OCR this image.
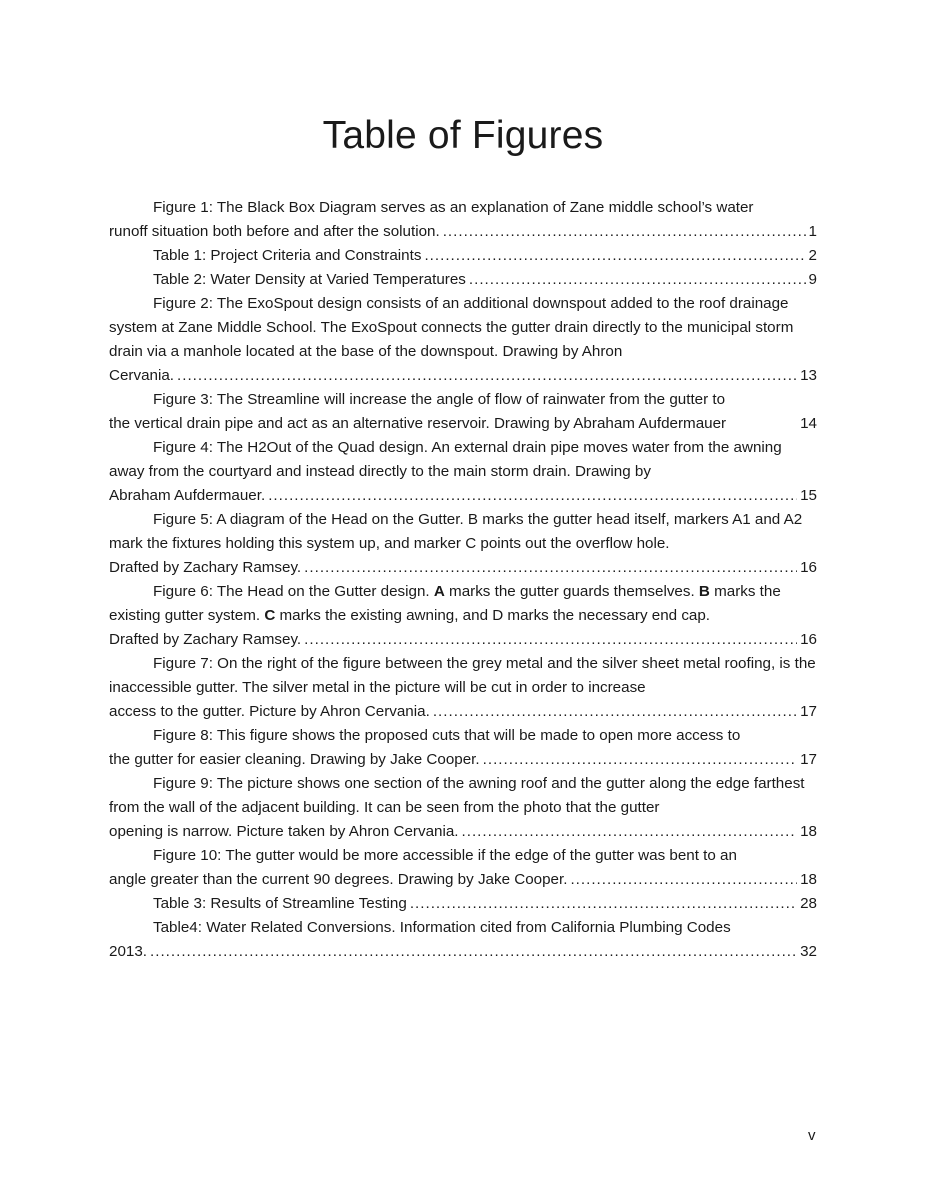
Table of Figures
Figure 1: The Black Box Diagram serves as an explanation of Zane middle school’s water
runoff situation both before and after the solution. .....	1
Table 1: Project Criteria and Constraints .....	2
Table 2: Water Density at Varied Temperatures .....	9
Figure 2: The ExoSpout design consists of an additional downspout added to the roof drainage system at Zane Middle School. The ExoSpout connects the gutter drain directly to the municipal storm drain via a manhole located at the base of the downspout. Drawing by Ahron
Cervania. .....	13
Figure 3: The Streamline will increase the angle of flow of rainwater from the gutter to
the vertical drain pipe and act as an alternative reservoir. Drawing by Abraham Aufdermauer	14
Figure 4: The H2Out of the Quad design. An external drain pipe moves water from the awning away from the courtyard and instead directly to the main storm drain. Drawing by
Abraham Aufdermauer. .....	15
Figure 5: A diagram of the Head on the Gutter. B marks the gutter head itself, markers A1 and A2 mark the fixtures holding this system up, and marker C points out the overflow hole.
Drafted by Zachary Ramsey. .....	16
Figure 6: The Head on the Gutter design. A marks the gutter guards themselves. B marks the existing gutter system. C marks the existing awning, and D marks the necessary end cap.
Drafted by Zachary Ramsey. .....	16
Figure 7: On the right of the figure between the grey metal and the silver sheet metal roofing, is the inaccessible gutter. The silver metal in the picture will be cut in order to increase
access to the gutter. Picture by Ahron Cervania. .....	17
Figure 8: This figure shows the proposed cuts that will be made to open more access to
the gutter for easier cleaning. Drawing by Jake Cooper. .....	17
Figure 9: The picture shows one section of the awning roof and the gutter along the edge farthest from the wall of the adjacent building. It can be seen from the photo that the gutter
opening is narrow. Picture taken by Ahron Cervania. .....	18
Figure 10: The gutter would be more accessible if the edge of the gutter was bent to an
angle greater than the current 90 degrees. Drawing by Jake Cooper. .....	18
Table 3: Results of Streamline Testing .....	28
Table4: Water Related Conversions. Information cited from California Plumbing Codes
2013. .....	32
v
